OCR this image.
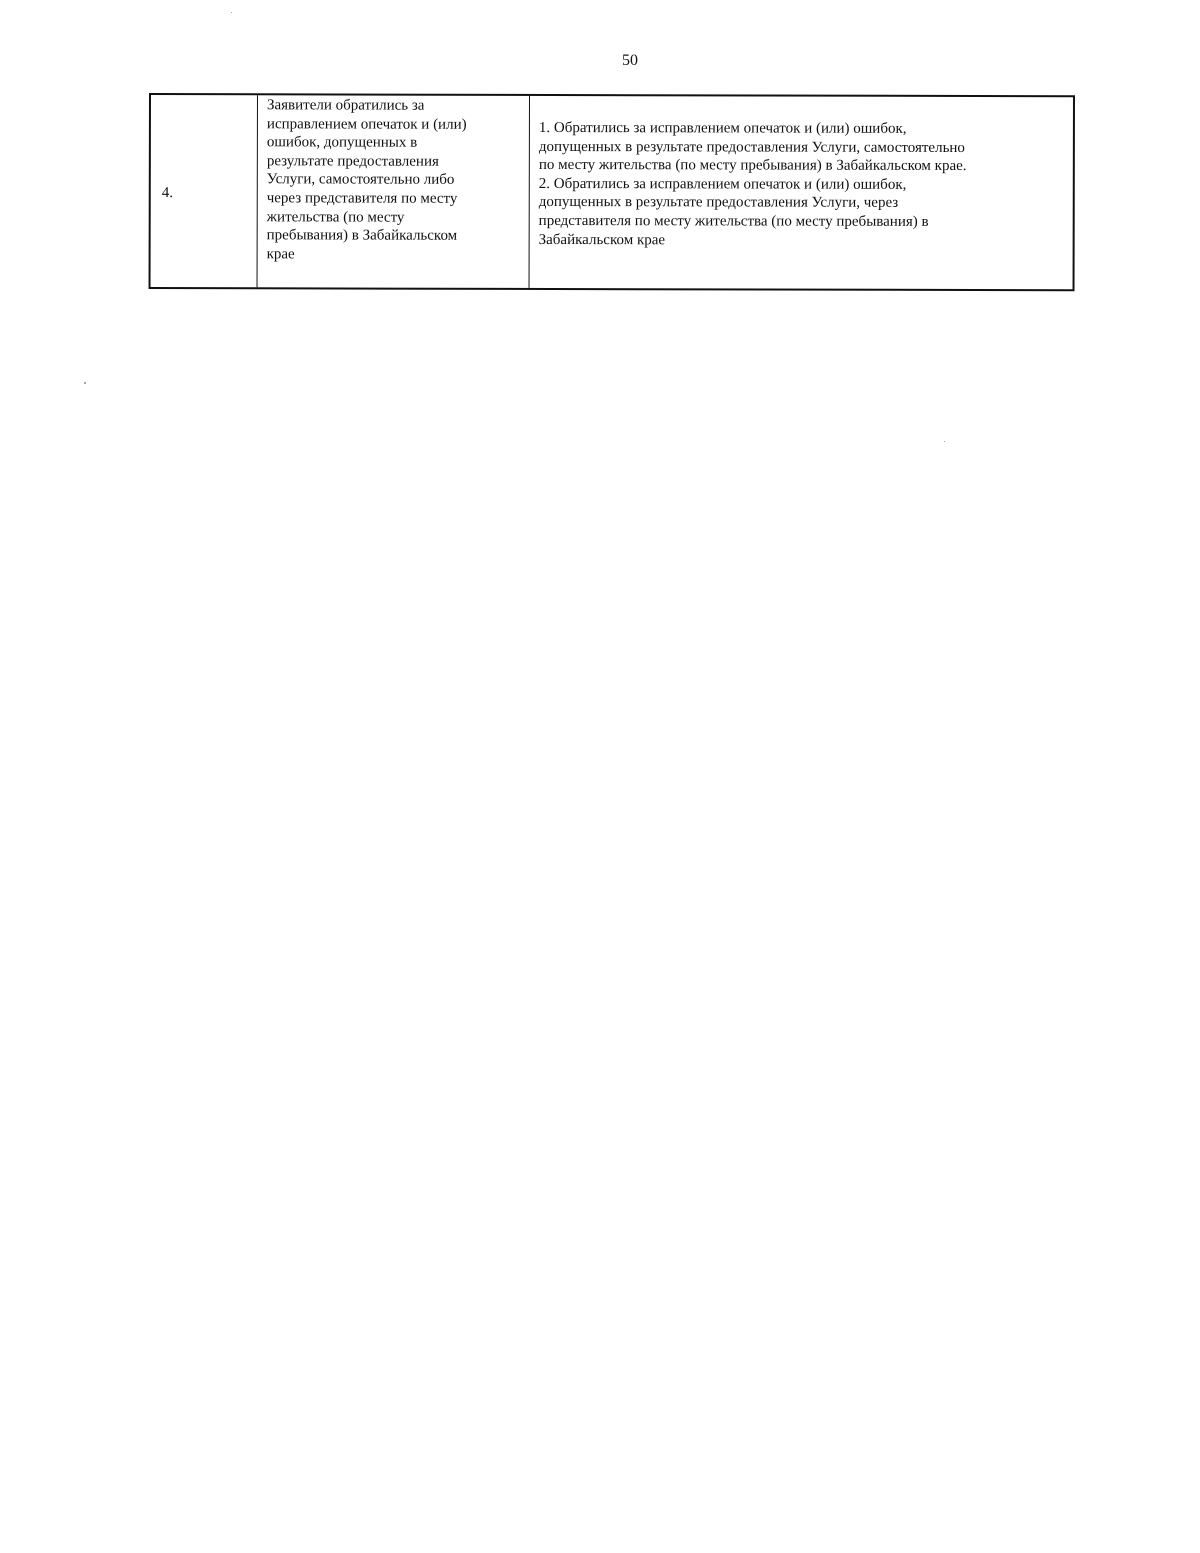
50
4.
Заявители обратились за
исправлением опечаток и (или)
ошибок, допущенных в
результате предоставления
Услуги, самостоятельно либо
через представителя по месту
жительства (по месту
пребывания) в Забайкальском
крае
1. Обратились за исправлением опечаток и (или) ошибок,
допущенных в результате предоставления Услуги, самостоятельно
по месту жительства (по месту пребывания) в Забайкальском крае.
2. Обратились за исправлением опечаток и (или) ошибок,
допущенных в результате предоставления Услуги, через
представителя по месту жительства (по месту пребывания) в
Забайкальском крае
